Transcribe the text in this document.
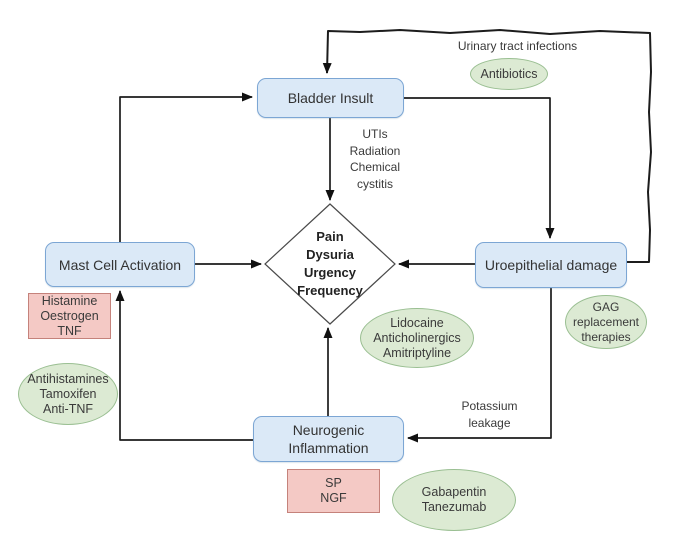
Pain
Dysuria
Urgency
Frequency
Bladder Insult
Mast Cell Activation	Uroepithelial damage
Neurogenic
Inflammation
Histamine
Oestrogen
TNF
SP
NGF
Antibiotics
Lidocaine
Anticholinergics
Amitriptyline
GAG
replacement
therapies
Antihistamines
Tamoxifen
Anti-TNF
Gabapentin
Tanezumab
Urinary tract infections
UTIs
Radiation
Chemical
cystitis
Potassium
leakage
